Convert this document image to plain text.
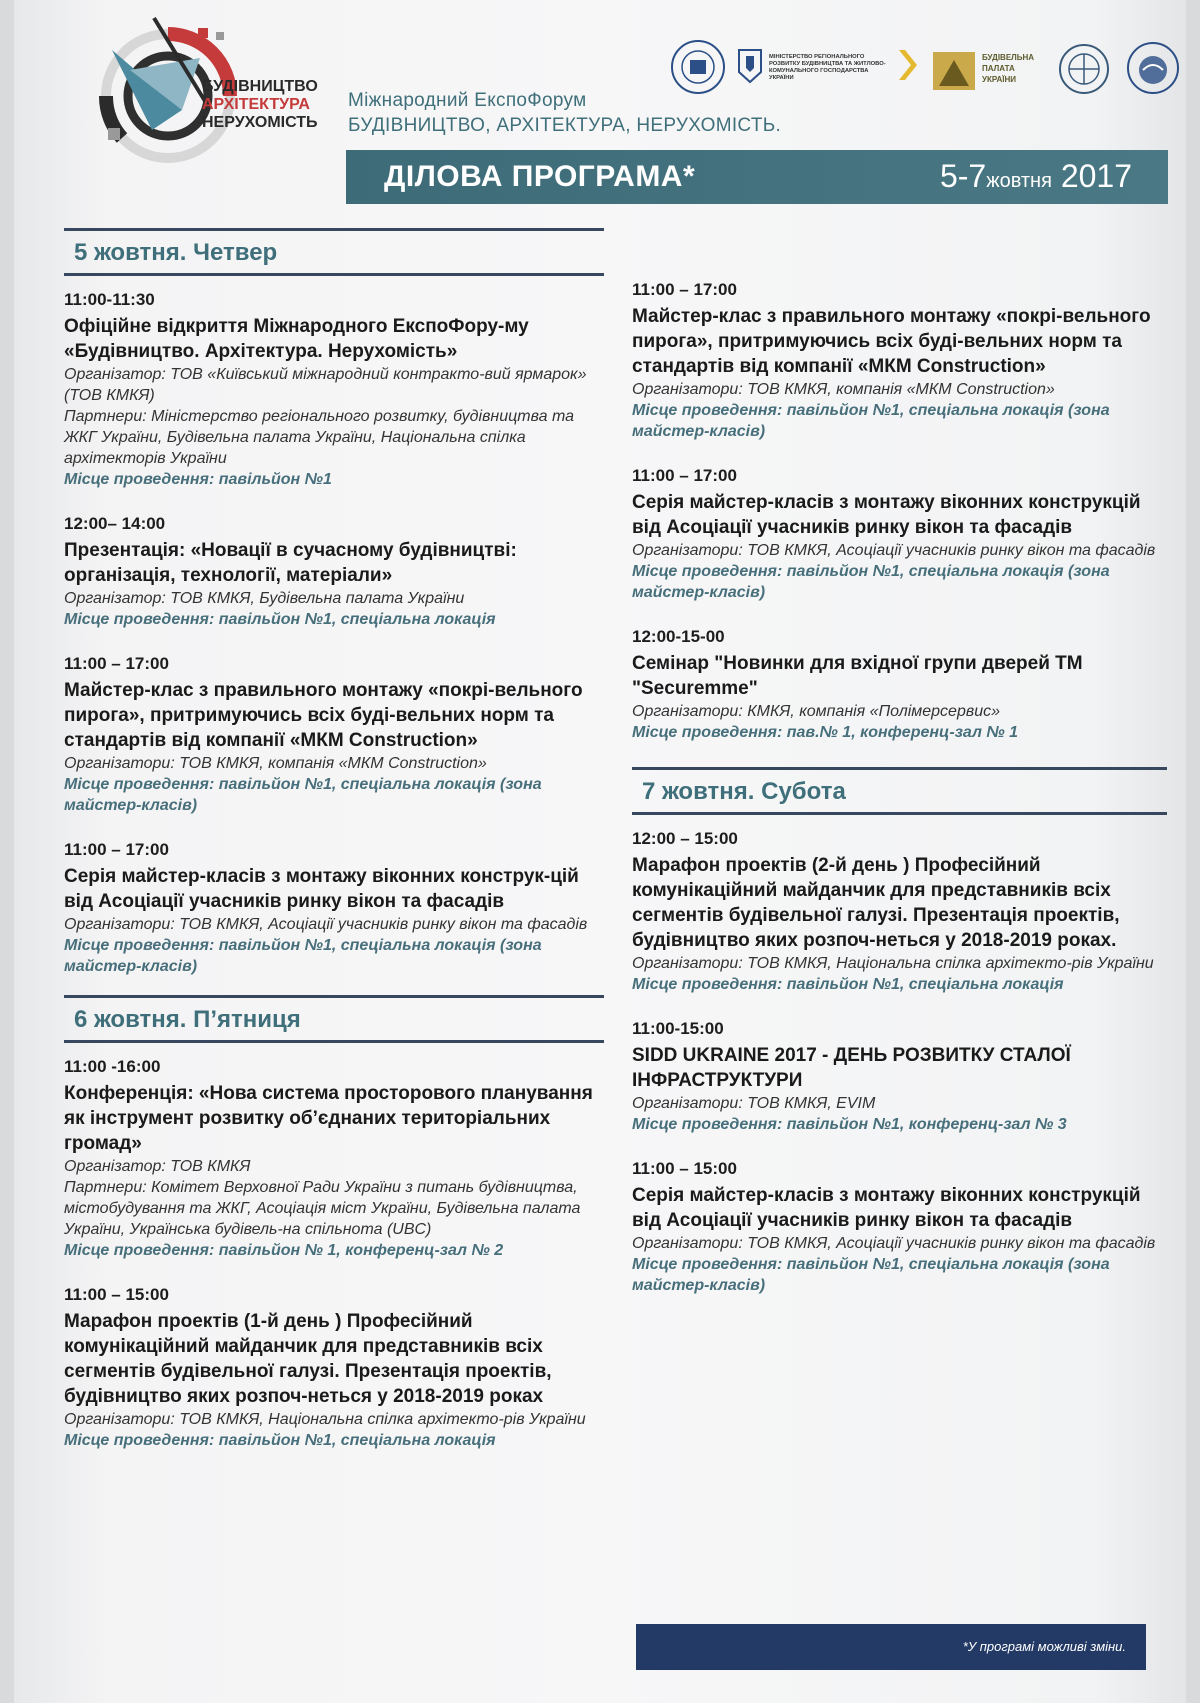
БУДІВНИЦТВО
АРХІТЕКТУРА
НЕРУХОМІСТЬ
Міжнародний ЕкспоФорум
БУДІВНИЦТВО, АРХІТЕКТУРА, НЕРУХОМІСТЬ.
МІНІСТЕРСТВО РЕГІОНАЛЬНОГО РОЗВИТКУ БУДІВНИЦТВА ТА ЖИТЛОВО-КОМУНАЛЬНОГО ГОСПОДАРСТВА УКРАЇНИ
БУДІВЕЛЬНА ПАЛАТА УКРАЇНИ
ДІЛОВА ПРОГРАМА*	5-7жовтня 2017
5 жовтня. Четвер
11:00-11:30
Офіційне відкриття Міжнародного ЕкспоФору-му «Будівництво. Архітектура. Нерухомість»
Організатор: ТОВ «Київський міжнародний контракто-вий ярмарок» (ТОВ КМКЯ)
Партнери: Міністерство регіонального розвитку, будівництва та ЖКГ України, Будівельна палата України, Національна спілка архітекторів України
Місце проведення: павільйон №1
12:00– 14:00
Презентація: «Новації в сучасному будівництві: організація, технології, матеріали»
Організатор: ТОВ КМКЯ, Будівельна палата України
Місце проведення: павільйон №1, спеціальна локація
11:00 – 17:00
Майстер-клас з правильного монтажу «покрі-вельного пирога», притримуючись всіх буді-вельних норм та стандартів від компанії «МКМ Construction»
Організатори: ТОВ КМКЯ, компанія «МКМ Construction»
Місце проведення: павільйон №1, спеціальна локація (зона майстер-класів)
11:00 – 17:00
Серія майстер-класів з монтажу віконних конструк-цій від Асоціації учасників ринку вікон та фасадів
Організатори: ТОВ КМКЯ, Асоціації учасників ринку вікон та фасадів
Місце проведення: павільйон №1, спеціальна локація (зона майстер-класів)
6 жовтня. П’ятниця
11:00 -16:00
Конференція: «Нова система просторового планування як інструмент розвитку об’єднаних територіальних громад»
Організатор: ТОВ КМКЯ
Партнери: Комітет Верховної Ради України з питань будівництва, містобудування та ЖКГ, Асоціація міст України, Будівельна палата України, Українська будівель-на спільнота (UBC)
Місце проведення: павільйон № 1, конференц-зал № 2
11:00 – 15:00
Марафон проектів (1-й день ) Професійний комунікаційний майданчик для представників всіх сегментів будівельної галузі. Презентація проектів, будівництво яких розпоч-неться у 2018-2019 роках
Організатори: ТОВ КМКЯ, Національна спілка архітекто-рів України
Місце проведення: павільйон №1, спеціальна локація
11:00 – 17:00
Майстер-клас з правильного монтажу «покрі-вельного пирога», притримуючись всіх буді-вельних норм та стандартів від компанії «МКМ Construction»
Організатори: ТОВ КМКЯ, компанія «МКМ Construction»
Місце проведення: павільйон №1, спеціальна локація (зона майстер-класів)
11:00 – 17:00
Серія майстер-класів з монтажу віконних конструкцій від Асоціації учасників ринку вікон та фасадів
Організатори: ТОВ КМКЯ, Асоціації учасників ринку вікон та фасадів
Місце проведення: павільйон №1, спеціальна локація (зона майстер-класів)
12:00-15-00
Семінар "Новинки для вхідної групи дверей ТМ "Securemme"
Організатори: КМКЯ, компанія «Полімерсервис»
Місце проведення: пав.№ 1, конференц-зал № 1
7 жовтня. Субота
12:00 – 15:00
Марафон проектів (2-й день ) Професійний комунікаційний майданчик для представників всіх сегментів будівельної галузі. Презентація проектів, будівництво яких розпоч-неться у 2018-2019 роках.
Організатори: ТОВ КМКЯ, Національна спілка архітекто-рів України
Місце проведення: павільйон №1, спеціальна локація
11:00-15:00
SIDD UKRAINE 2017 - ДЕНЬ РОЗВИТКУ СТАЛОЇ ІНФРАСТРУКТУРИ
Організатори: ТОВ КМКЯ, EVIM
Місце проведення: павільйон №1, конференц-зал № 3
11:00 – 15:00
Серія майстер-класів з монтажу віконних конструкцій від Асоціації учасників ринку вікон та фасадів
Організатори: ТОВ КМКЯ, Асоціації учасників ринку вікон та фасадів
Місце проведення: павільйон №1, спеціальна локація (зона майстер-класів)
*У програмі можливі зміни.
